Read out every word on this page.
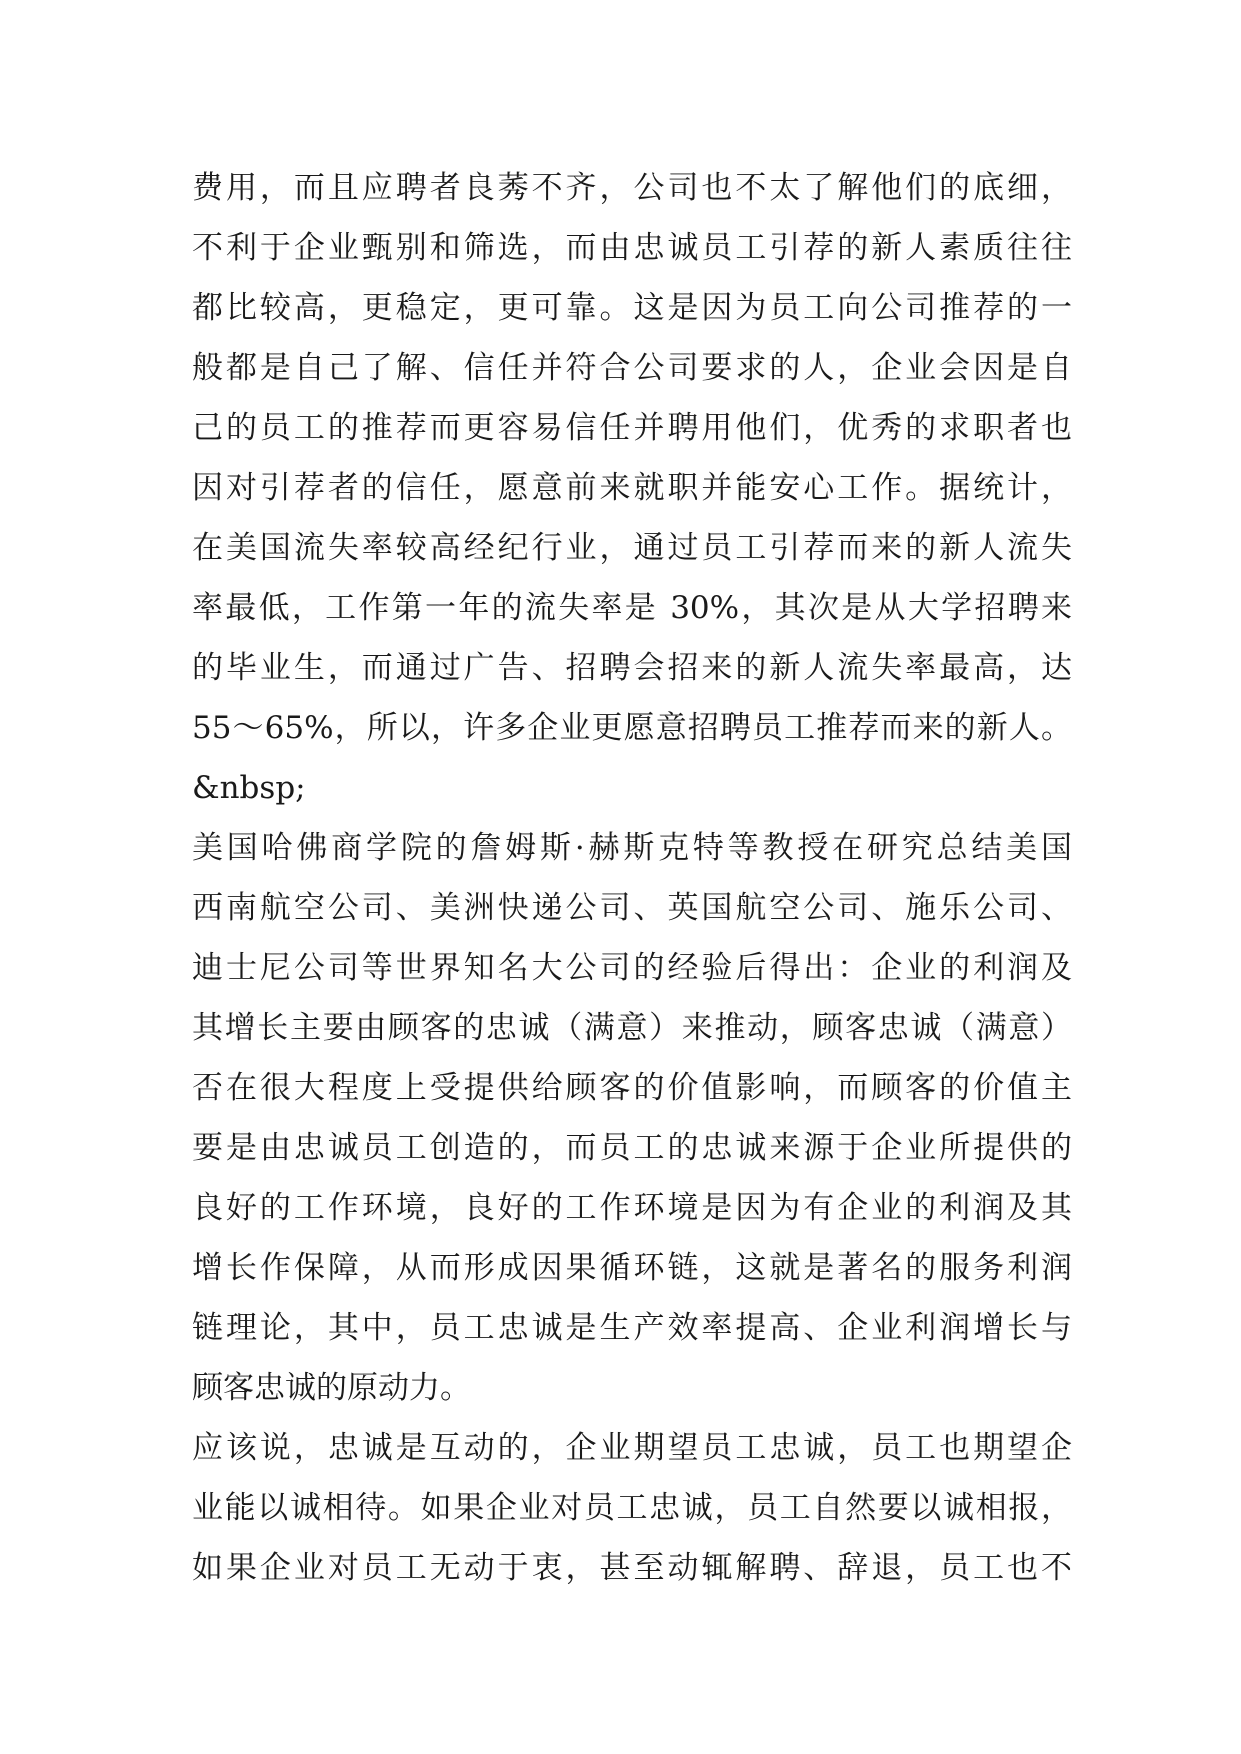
费用，而且应聘者良莠不齐，公司也不太了解他们的底细，
不利于企业甄别和筛选，而由忠诚员工引荐的新人素质往往
都比较高，更稳定，更可靠。这是因为员工向公司推荐的一
般都是自己了解、信任并符合公司要求的人，企业会因是自
己的员工的推荐而更容易信任并聘用他们，优秀的求职者也
因对引荐者的信任，愿意前来就职并能安心工作。据统计，
在美国流失率较高经纪行业，通过员工引荐而来的新人流失
率最低，工作第一年的流失率是 30%，其次是从大学招聘来
的毕业生，而通过广告、招聘会招来的新人流失率最高，达
55～65%，所以，许多企业更愿意招聘员工推荐而来的新人。
&nbsp;
美国哈佛商学院的詹姆斯·赫斯克特等教授在研究总结美国
西南航空公司、美洲快递公司、英国航空公司、施乐公司、
迪士尼公司等世界知名大公司的经验后得出：企业的利润及
其增长主要由顾客的忠诚（满意）来推动，顾客忠诚（满意）
否在很大程度上受提供给顾客的价值影响，而顾客的价值主
要是由忠诚员工创造的，而员工的忠诚来源于企业所提供的
良好的工作环境，良好的工作环境是因为有企业的利润及其
增长作保障，从而形成因果循环链，这就是著名的服务利润
链理论，其中，员工忠诚是生产效率提高、企业利润增长与
顾客忠诚的原动力。
应该说，忠诚是互动的，企业期望员工忠诚，员工也期望企
业能以诚相待。如果企业对员工忠诚，员工自然要以诚相报，
如果企业对员工无动于衷，甚至动辄解聘、辞退，员工也不
